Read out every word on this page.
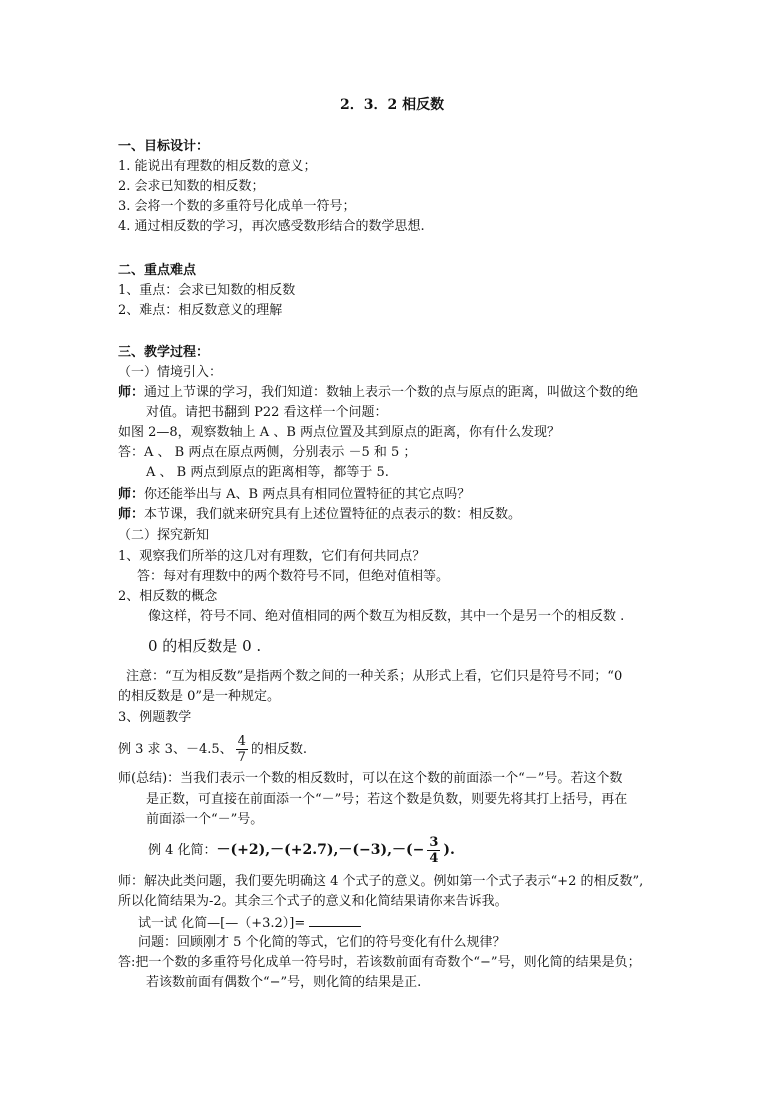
2．3．2 相反数
一、目标设计：
1. 能说出有理数的相反数的意义；
2. 会求已知数的相反数；
3. 会将一个数的多重符号化成单一符号；
4. 通过相反数的学习，再次感受数形结合的数学思想.
二、重点难点
1、重点：会求已知数的相反数
2、难点：相反数意义的理解
三、教学过程：
（一）情境引入：
师：通过上节课的学习，我们知道：数轴上表示一个数的点与原点的距离，叫做这个数的绝
对值。请把书翻到 P22 看这样一个问题：
如图 2—8，观察数轴上 A 、B 两点位置及其到原点的距离，你有什么发现？
答：A 、 B 两点在原点两侧，分别表示 －5 和 5 ；
A 、 B 两点到原点的距离相等，都等于 5.
师：你还能举出与 A、B 两点具有相同位置特征的其它点吗？
师：本节课，我们就来研究具有上述位置特征的点表示的数：相反数。
（二）探究新知
1、观察我们所举的这几对有理数，它们有何共同点？
答：每对有理数中的两个数符号不同，但绝对值相等。
2、相反数的概念
像这样，符号不同、绝对值相同的两个数互为相反数，其中一个是另一个的相反数 .
0 的相反数是 0 .
注意：“互为相反数”是指两个数之间的一种关系；从形式上看，它们只是符号不同；“0
的相反数是 0”是一种规定。
3、例题教学
例 3 求 3、－4.5、 $\frac{4}{7}$ 的相反数.
师(总结)：当我们表示一个数的相反数时，可以在这个数的前面添一个“－”号。若这个数
是正数，可直接在前面添一个“－”号；若这个数是负数，则要先将其打上括号，再在
前面添一个“－”号。
例 4 化简：$-(+2),-(+2.7),-(-3),-(- \frac{3}{4}$ ).
师：解决此类问题，我们要先明确这 4 个式子的意义。例如第一个式子表示“+2 的相反数”,
所以化简结果为-2。其余三个式子的意义和化简结果请你来告诉我。
试一试 化简—[—（+3.2）]=
问题：回顾刚才 5 个化简的等式，它们的符号变化有什么规律？
答:把一个数的多重符号化成单一符号时，若该数前面有奇数个“−”号，则化简的结果是负；
若该数前面有偶数个“−”号，则化简的结果是正.
